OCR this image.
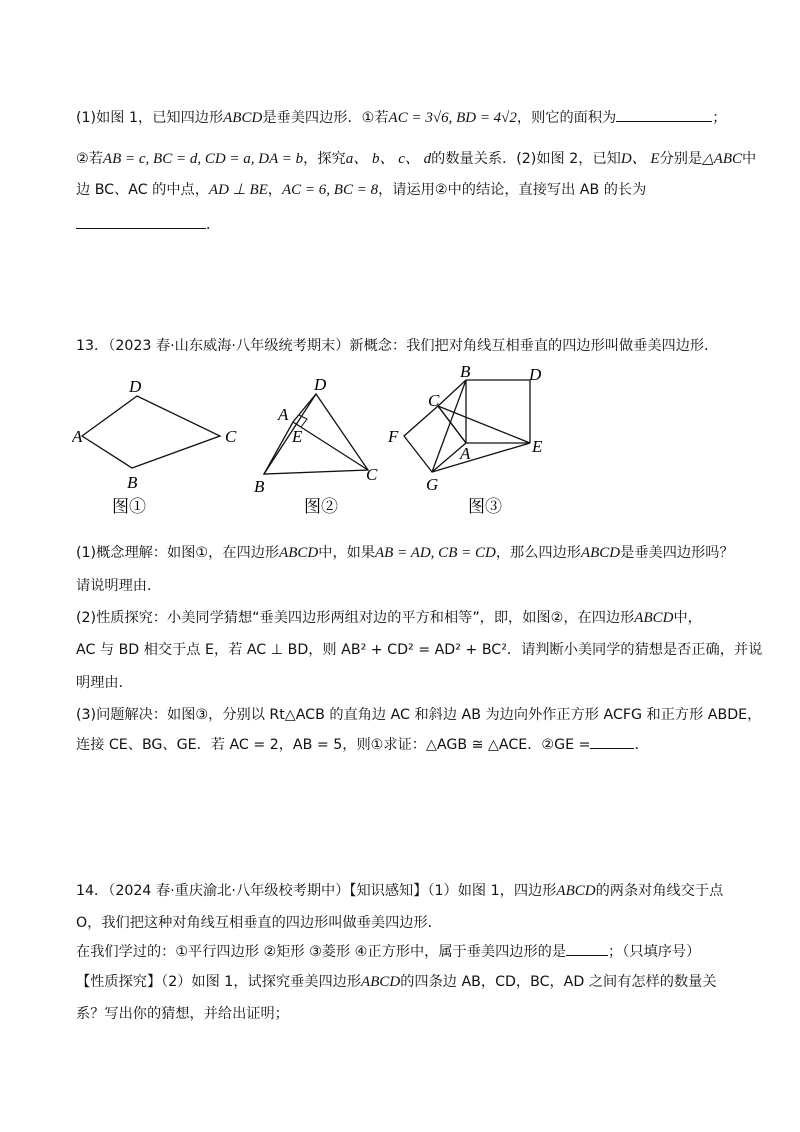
(1)如图 1，已知四边形ABCD是垂美四边形．①若AC = 3√6, BD = 4√2，则它的面积为	；
②若AB = c, BC = d, CD = a, DA = b，探究a、 b、 c、 d的数量关系．(2)如图 2，已知D、 E分别是△ABC中
边 BC、AC 的中点，AD ⊥ BE，AC = 6, BC = 8，请运用②中的结论，直接写出 AB 的长为
．
13．（2023 春·山东威海·八年级统考期末）新概念：我们把对角线互相垂直的四边形叫做垂美四边形．
D
A	C
B
图①
D
A
E
B
C
图②
B	D
C
F
E
A
G
图③
(1)概念理解：如图①，在四边形ABCD中，如果AB = AD, CB = CD，那么四边形ABCD是垂美四边形吗？
请说明理由．
(2)性质探究：小美同学猜想“垂美四边形两组对边的平方和相等”，即，如图②，在四边形ABCD中，
AC 与 BD 相交于点 E，若 AC ⊥ BD，则 AB² + CD² = AD² + BC²．请判断小美同学的猜想是否正确，并说
明理由．
(3)问题解决：如图③，分别以 Rt△ACB 的直角边 AC 和斜边 AB 为边向外作正方形 ACFG 和正方形 ABDE，
连接 CE、BG、GE．若 AC = 2，AB = 5，则①求证：△AGB ≅ △ACE．②GE =	．
14．（2024 春·重庆渝北·八年级校考期中）【知识感知】（1）如图 1，四边形ABCD的两条对角线交于点
O，我们把这种对角线互相垂直的四边形叫做垂美四边形．
在我们学过的：①平行四边形 ②矩形 ③菱形 ④正方形中，属于垂美四边形的是	；（只填序号）
【性质探究】（2）如图 1，试探究垂美四边形ABCD的四条边 AB，CD，BC，AD 之间有怎样的数量关
系？写出你的猜想，并给出证明；
